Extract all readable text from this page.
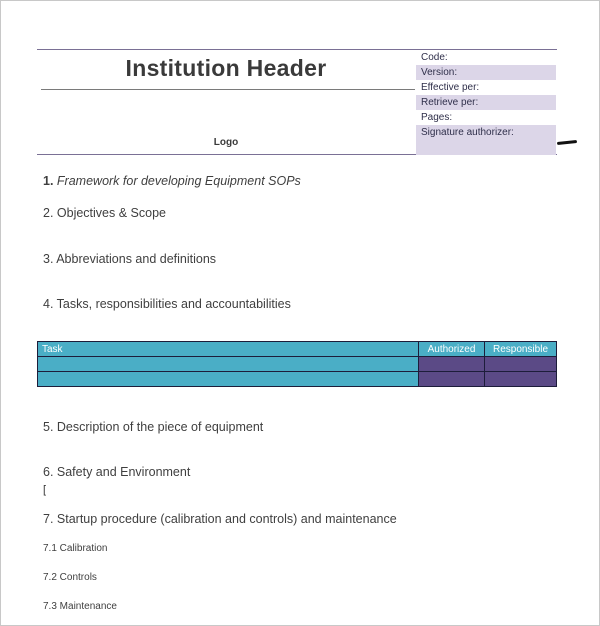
Institution Header
Logo
Code:
Version:
Effective per:
Retrieve per:
Pages:
Signature authorizer:
1. Framework for developing Equipment SOPs
2. Objectives & Scope
3. Abbreviations and definitions
4. Tasks, responsibilities and accountabilities
Task	Authorized	Responsible

5. Description of the piece of equipment
6. Safety and Environment
[
7. Startup procedure (calibration and controls) and maintenance
7.1 Calibration
7.2 Controls
7.3 Maintenance
